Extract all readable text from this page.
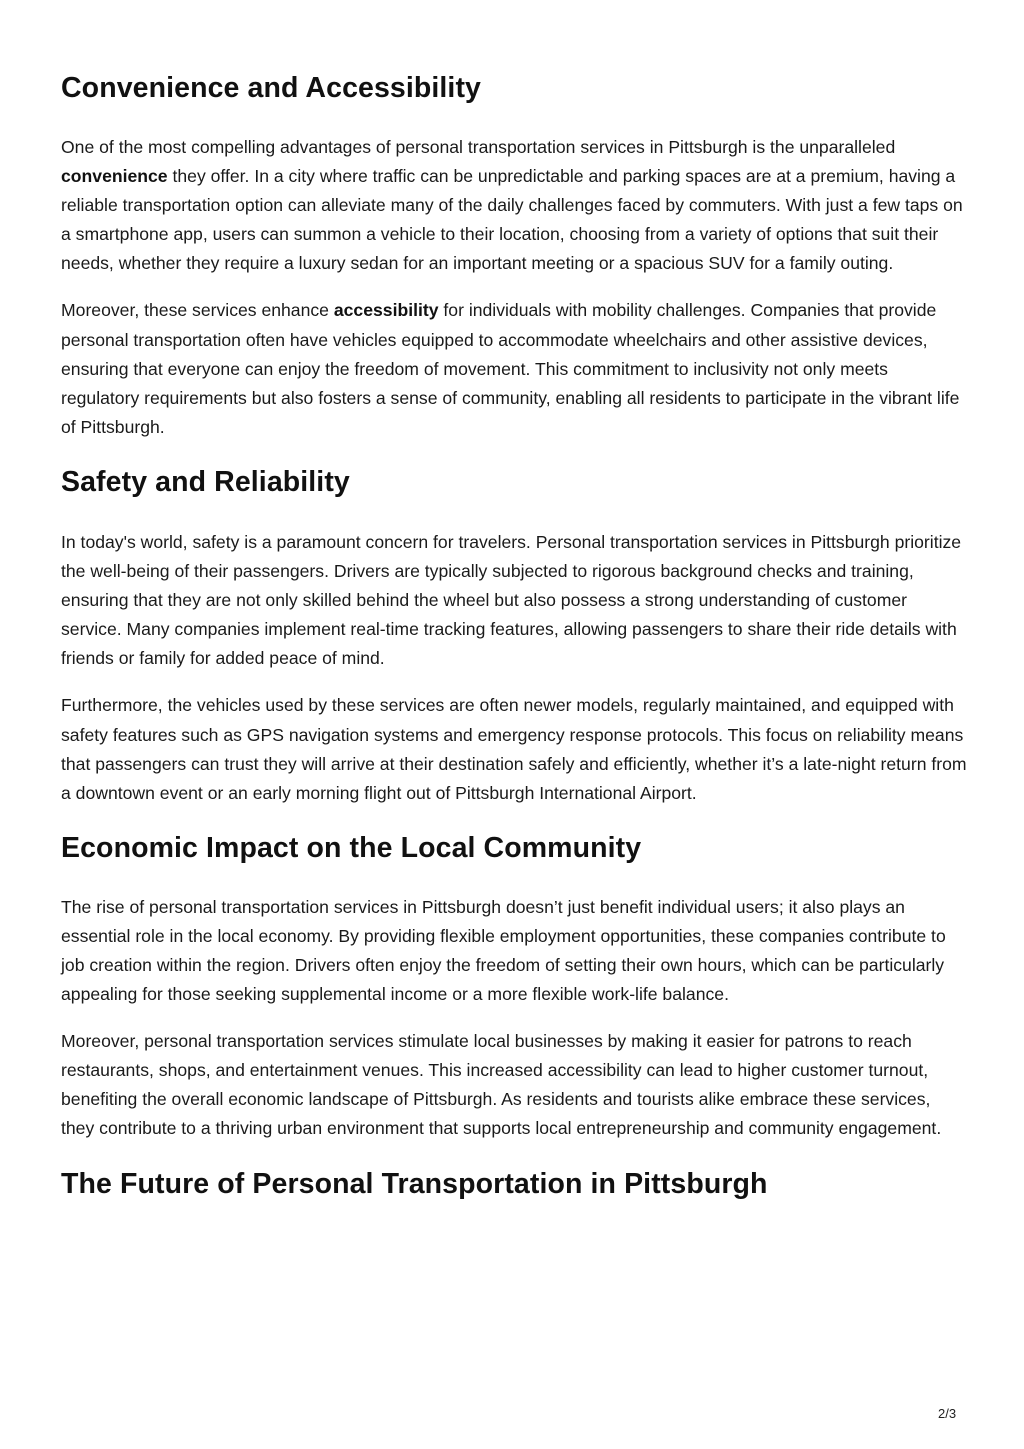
Convenience and Accessibility

One of the most compelling advantages of personal transportation services in Pittsburgh is the unparalleled convenience they offer. In a city where traffic can be unpredictable and parking spaces are at a premium, having a reliable transportation option can alleviate many of the daily challenges faced by commuters. With just a few taps on a smartphone app, users can summon a vehicle to their location, choosing from a variety of options that suit their needs, whether they require a luxury sedan for an important meeting or a spacious SUV for a family outing.

Moreover, these services enhance accessibility for individuals with mobility challenges. Companies that provide personal transportation often have vehicles equipped to accommodate wheelchairs and other assistive devices, ensuring that everyone can enjoy the freedom of movement. This commitment to inclusivity not only meets regulatory requirements but also fosters a sense of community, enabling all residents to participate in the vibrant life of Pittsburgh.

Safety and Reliability

In today's world, safety is a paramount concern for travelers. Personal transportation services in Pittsburgh prioritize the well-being of their passengers. Drivers are typically subjected to rigorous background checks and training, ensuring that they are not only skilled behind the wheel but also possess a strong understanding of customer service. Many companies implement real-time tracking features, allowing passengers to share their ride details with friends or family for added peace of mind.

Furthermore, the vehicles used by these services are often newer models, regularly maintained, and equipped with safety features such as GPS navigation systems and emergency response protocols. This focus on reliability means that passengers can trust they will arrive at their destination safely and efficiently, whether it’s a late-night return from a downtown event or an early morning flight out of Pittsburgh International Airport.

Economic Impact on the Local Community

The rise of personal transportation services in Pittsburgh doesn’t just benefit individual users; it also plays an essential role in the local economy. By providing flexible employment opportunities, these companies contribute to job creation within the region. Drivers often enjoy the freedom of setting their own hours, which can be particularly appealing for those seeking supplemental income or a more flexible work-life balance.

Moreover, personal transportation services stimulate local businesses by making it easier for patrons to reach restaurants, shops, and entertainment venues. This increased accessibility can lead to higher customer turnout, benefiting the overall economic landscape of Pittsburgh. As residents and tourists alike embrace these services, they contribute to a thriving urban environment that supports local entrepreneurship and community engagement.

The Future of Personal Transportation in Pittsburgh
2/3
